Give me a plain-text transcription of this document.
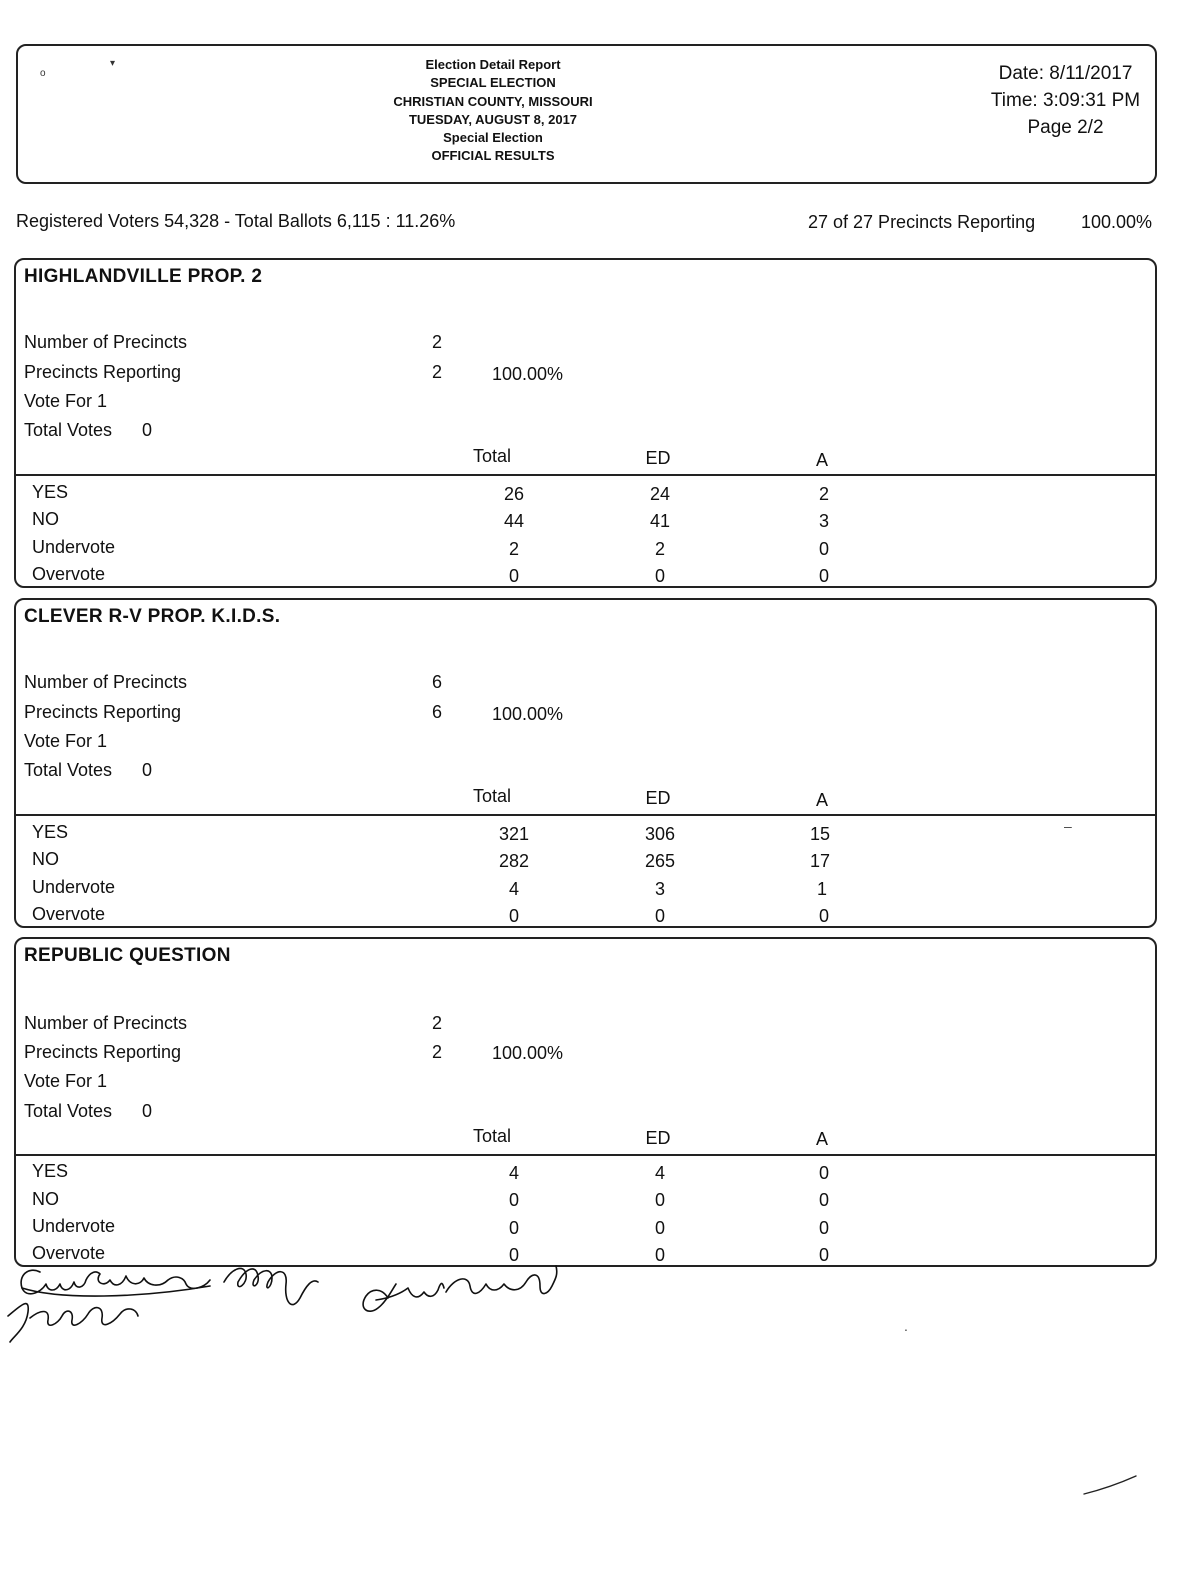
o
▾	Election Detail Report
SPECIAL ELECTION
CHRISTIAN COUNTY, MISSOURI
TUESDAY, AUGUST 8, 2017
Special Election
OFFICIAL RESULTS
Date: 8/11/2017
Time: 3:09:31 PM
Page 2/2
Registered Voters 54,328 - Total Ballots 6,115 : 11.26%	27 of 27 Precincts Reporting	100.00%
HIGHLANDVILLE PROP. 2
Number of Precincts	2
Precincts Reporting	2	100.00%
Vote For 1
Total Votes 0
Total	ED	A
YES	26	24	2
NO	44	41	3
Undervote	2	2	0
Overvote	0	0	0
CLEVER R-V PROP. K.I.D.S.
Number of Precincts	6
Precincts Reporting	6	100.00%
Vote For 1
Total Votes 0
Total	ED	A
–
YES	321	306	15
NO	282	265	17
Undervote	4	3	1
Overvote	0	0	0
REPUBLIC QUESTION
Number of Precincts	2
Precincts Reporting	2	100.00%
Vote For 1
Total Votes 0
Total	ED	A
YES	4	4	0
NO	0	0	0
Undervote	0	0	0
Overvote	0	0	0
.
